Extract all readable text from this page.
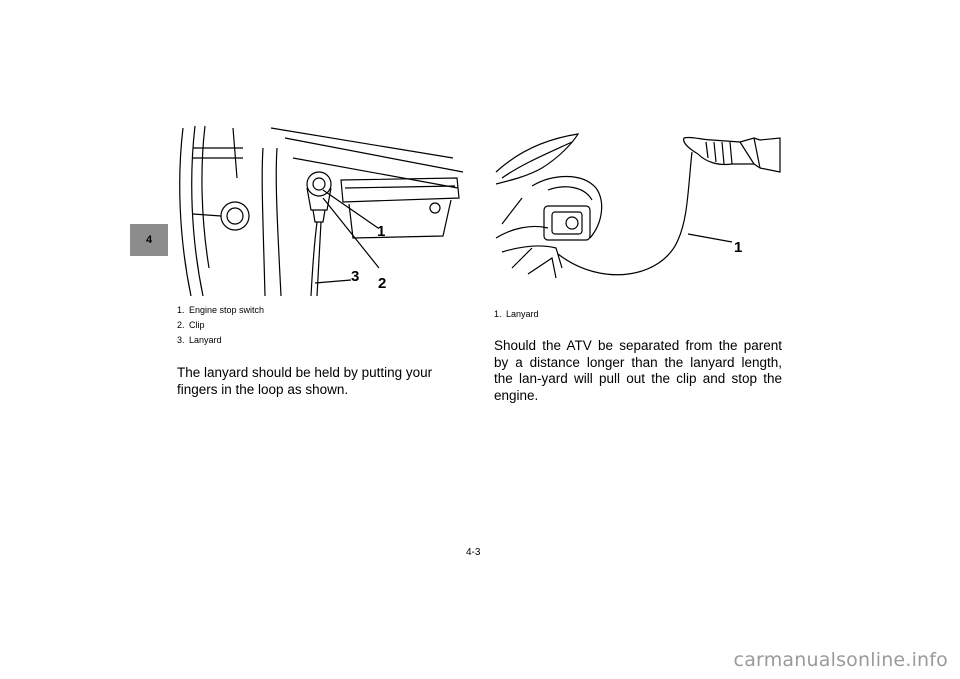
4	1
2
3
1. Engine stop switch
2. Clip
3. Lanyard
The lanyard should be held by putting your fingers in the loop as shown.
1
1. Lanyard
Should the ATV be separated from the parent by a distance longer than the lanyard length, the lan-yard will pull out the clip and stop the engine.
4-3
carmanualsonline.info
